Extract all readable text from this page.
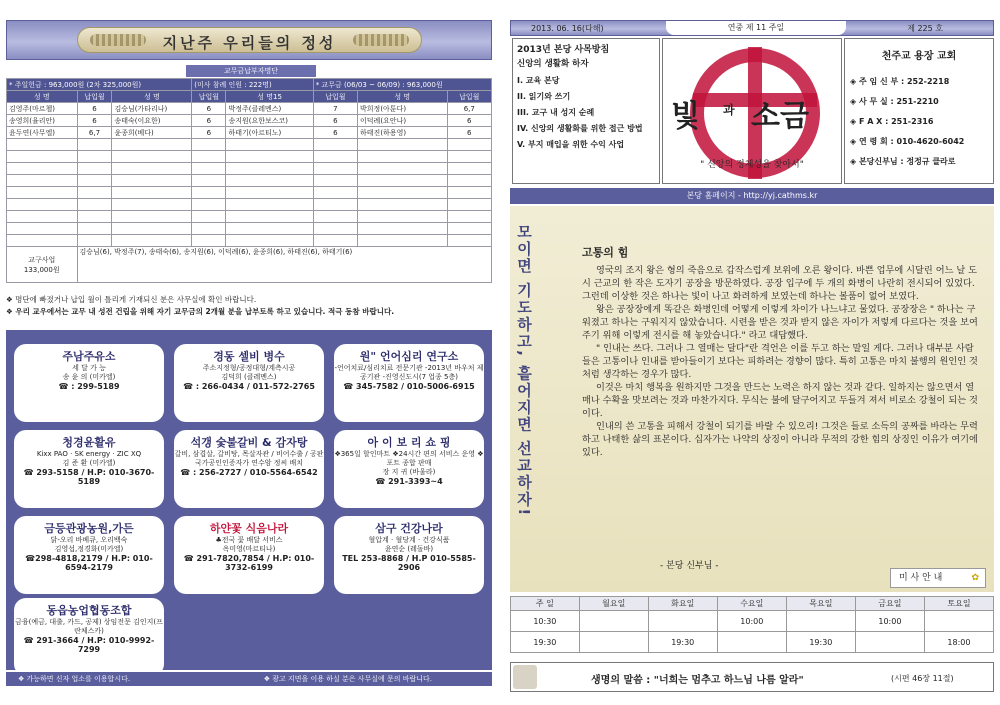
지난주 우리들의 정성
교무금납부자명단
* 주일헌금 : 963,000원 (2차 325,000원)			(미사 참례 인원 : 222명)		* 교무금 (06/03 ~ 06/09) : 963,000원		
성 명	납입월	성 명	납입월	성 명15	납입월	성 명	납입월
김영주(마르첼)	6	김승님(가타리나)	6	박정주(클레멘스)	7	박희정(아툰다)	6,7
송영희(율리안)	6	송태숙(이요한)	6	송지원(요한보스코)	6	이덕례(요안나)	6
윤두연(사무엘)	6,7	윤종희(베다)	6	하태기(아르티노)	6	하태진(하용영)	6

교구사업
133,000원	김승님(6), 박정주(7), 송태숙(6), 송지원(6), 이덕례(6), 윤종희(6), 하태진(6), 하태기(6)						
❖ 명단에 빠졌거나 납입 월이 틀리게 기재되신 분은 사무실에 확인 바랍니다.
❖ 우리 교우에서는 교무 내 성전 건립을 위해 자기 교무금의 2개월 분을 납부토록 하고 있습니다. 적극 동참 바랍니다.
주남주유소
세 달 가 능
송 윤 의 (미카엘)
☎ : 299-5189
경동 셀비 병수
주소지정형/공정대형/계측시공
김덕희 (클레멘스)
☎ : 266-0434 / 011-572-2765
원" 언어심리 연구소
-언어치료/심리치료 전문기관 -2013년 바우처 제공기관 -진영신도시(7 업종 5층)
☎ 345-7582 / 010-5006-6915
청경윤활유
Kixx PAO · SK energy · ZIC XQ
김 준 환 (미카엘)
☎ 293-5158 / H.P: 010-3670-5189
석갱 숯불갈비 & 감자탕
갈비, 삼겹살, 갈비탕, 목살자관 / 비어수출 / 공판
국가공인인증자가 연수암 정씨 배치
☎ : 256-2727 / 010-5564-6542
아 이 보 리 쇼 핑
❖365일 할인마트 ❖24시간 편의 서비스 운영 ❖포트 종합 판매
장 지 귀 (바울라)
☎ 291-3393~4
금등관광농원,가든
닭-오리 바베큐, 오리백숙
김영섭,정경화(미카엘)
☎298-4818,2179 / H.P: 010-6594-2179
하얀꽃 식음나라
♣전국 꽃 배달 서비스
옥미영(마르티나)
☎ 291-7820,7854 / H.P: 010-3732-6199
삼구 건강나라
혈압계 · 혈당계 · 건강식품
윤연순 (레돌바)
TEL 253-8868 / H.P 010-5585-2906
동읍농업협동조합
금융(예금, 대출, 카드, 공제) 상임전문 김인지(프란체스카)
☎ 291-3664 / H.P: 010-9992-7299
❖ 가능하면 신자 업소를 이용합시다.	❖ 광고 지면을 이용 하실 분은 사무실에 문의 바랍니다.
2013. 06. 16(다해)	연중 제 11 주일	제 225 호
2013년 본당 사목방침
신앙의 생활화 하자
I. 교육 본당
II. 읽기와 쓰기
III. 교구 내 성지 순례
IV. 신앙의 생활화를 위한 접근 방법
V. 부지 매입을 위한 수익 사업
빛 과 소금
" 신앙의 정체성을 찾아서"
천주교 용장 교회
◈ 주 임 신 부 : 252-2218
◈ 사 무 실 : 251-2210
◈ F A X : 251-2316
◈ 연 령 회 : 010-4620-6042
◈ 본당신부님 : 정정규 클라로
본당 홈페이지 - http://yj.cathms.kr
모이면 기도하고, 흩어지면 선교하자!	고통의 힘

영국의 조지 왕은 형의 죽음으로 갑작스럽게 보위에 오른 왕이다. 바쁜 업무에 시달린 어느 날 도시 근교의 한 작은 도자기 공장을 방문하였다. 공장 입구에 두 개의 화병이 나란히 전시되어 있었다. 그런데 이상한 것은 하나는 빛이 나고 화려하게 보였는데 하나는 볼품이 없어 보였다.

왕은 공장장에게 똑같은 화병인데 어떻게 이렇게 차이가 나느냐고 물었다. 공장장은 " 하나는 구워졌고 하나는 구워지지 않았습니다. 시련을 받은 것과 받지 않은 자이가 저렇게 다르다는 것을 보여주기 위해 이렇게 전시를 해 놓았습니다." 라고 대답했다.

" 인내는 쓰다. 그러나 그 열매는 달다"란 격언은 이를 두고 하는 말일 게다. 그러나 대부분 사람들은 고통이나 인내를 받아들이기 보다는 피하려는 경향이 많다. 특히 고통은 마치 불행의 원인인 것처럼 생각하는 경우가 많다.

이것은 마치 행복을 원하지만 그것을 만드는 노력은 하지 않는 것과 같다. 일하지는 않으면서 열매나 수확을 맛보려는 것과 마찬가지다. 무식는 불에 달구어지고 두들겨 져서 비로소 강철이 되는 것이다.

인내의 쓴 고통을 피해서 강철이 되기를 바랄 수 있으리! 그것은 들로 소득의 공짜를 바라는 무력하고 나태한 삶의 표본이다. 십자가는 나약의 상징이 아니라 무적의 강한 힘의 상징인 이유가 여기에 있다.

- 본당 신부님 -
미 사 안 내	✿
주 일	월요일	화요일	수요일	목요일	금요일	토요일
10:30			10:00		10:00	
19:30		19:30		19:30		18:00
생명의 말씀 : "너희는 멈추고 하느님 나름 알라"	(시편 46장 11절)
